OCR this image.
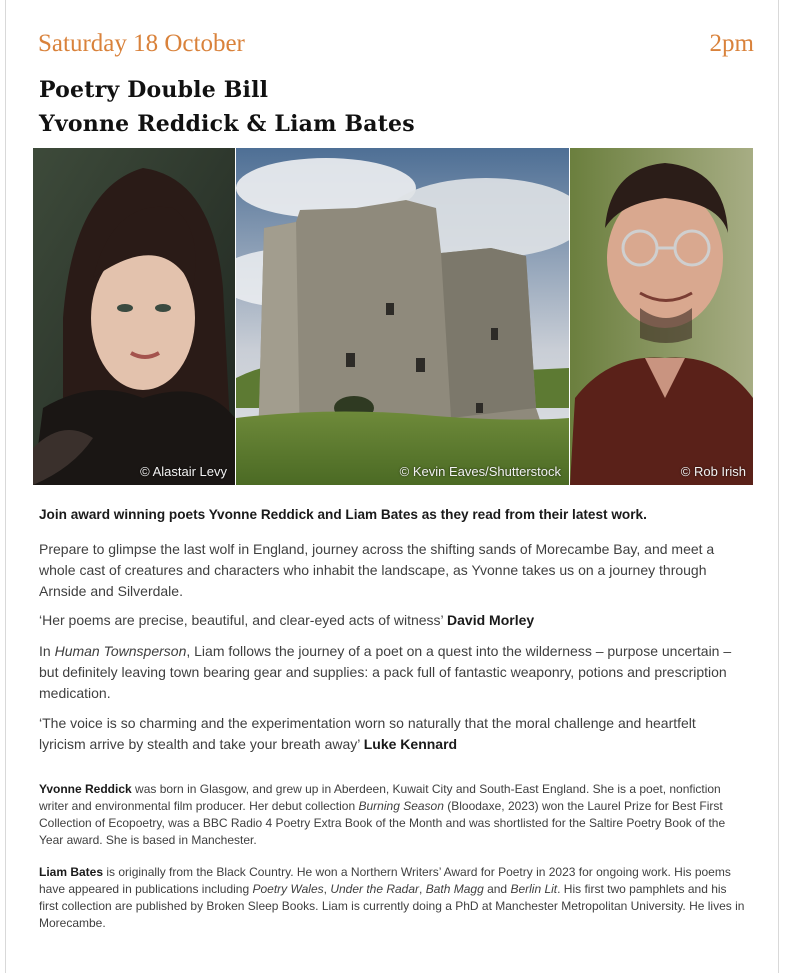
Saturday 18 October	2pm
Poetry Double Bill
Yvonne Reddick & Liam Bates
© Alastair Levy	© Kevin Eaves/Shutterstock	© Rob Irish
Join award winning poets Yvonne Reddick and Liam Bates as they read from their latest work.
Prepare to glimpse the last wolf in England, journey across the shifting sands of Morecambe Bay, and meet a whole cast of creatures and characters who inhabit the landscape, as Yvonne takes us on a journey through Arnside and Silverdale.
‘Her poems are precise, beautiful, and clear-eyed acts of witness’ David Morley
In Human Townsperson, Liam follows the journey of a poet on a quest into the wilderness – purpose uncertain – but definitely leaving town bearing gear and supplies: a pack full of fantastic weaponry, potions and prescription medication.
‘The voice is so charming and the experimentation worn so naturally that the moral challenge and heartfelt lyricism arrive by stealth and take your breath away’ Luke Kennard
Yvonne Reddick was born in Glasgow, and grew up in Aberdeen, Kuwait City and South-East England. She is a poet, nonfiction writer and environmental film producer. Her debut collection Burning Season (Bloodaxe, 2023) won the Laurel Prize for Best First Collection of Ecopoetry, was a BBC Radio 4 Poetry Extra Book of the Month and was shortlisted for the Saltire Poetry Book of the Year award. She is based in Manchester.
Liam Bates is originally from the Black Country. He won a Northern Writers’ Award for Poetry in 2023 for ongoing work. His poems have appeared in publications including Poetry Wales, Under the Radar, Bath Magg and Berlin Lit. His first two pamphlets and his first collection are published by Broken Sleep Books. Liam is currently doing a PhD at Manchester Metropolitan University. He lives in Morecambe.
